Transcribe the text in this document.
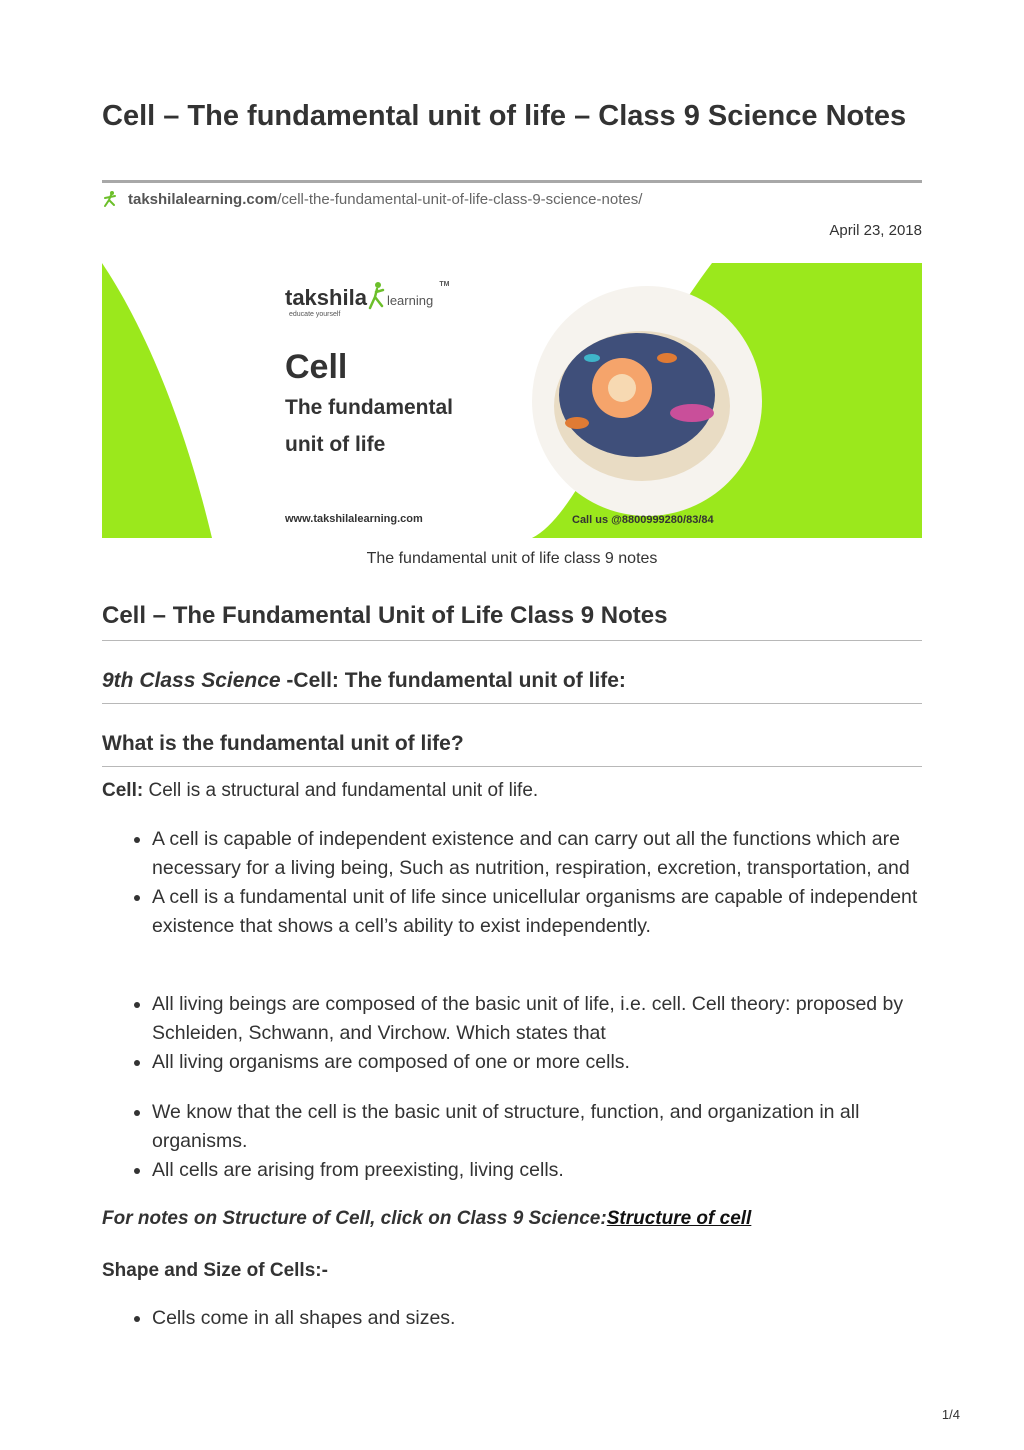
Cell – The fundamental unit of life – Class 9 Science Notes
takshilalearning.com/cell-the-fundamental-unit-of-life-class-9-science-notes/
April 23, 2018
takshila learning ™
educate yourself
Cell
The fundamental
unit of life
www.takshilalearning.com	Call us @8800999280/83/84
The fundamental unit of life class 9 notes
Cell – The Fundamental Unit of Life Class 9 Notes
9th Class Science -Cell: The fundamental unit of life:
What is the fundamental unit of life?

Cell: Cell is a structural and fundamental unit of life.

• A cell is capable of independent existence and can carry out all the functions which are necessary for a living being, Such as nutrition, respiration, excretion, transportation, and
• A cell is a fundamental unit of life since unicellular organisms are capable of independent existence that shows a cell’s ability to exist independently.
• All living beings are composed of the basic unit of life, i.e. cell. Cell theory: proposed by Schleiden, Schwann, and Virchow. Which states that
• All living organisms are composed of one or more cells.
• We know that the cell is the basic unit of structure, function, and organization in all organisms.
• All cells are arising from preexisting, living cells.

For notes on Structure of Cell, click on Class 9 Science:Structure of cell

Shape and Size of Cells:-

• Cells come in all shapes and sizes.
1/4
